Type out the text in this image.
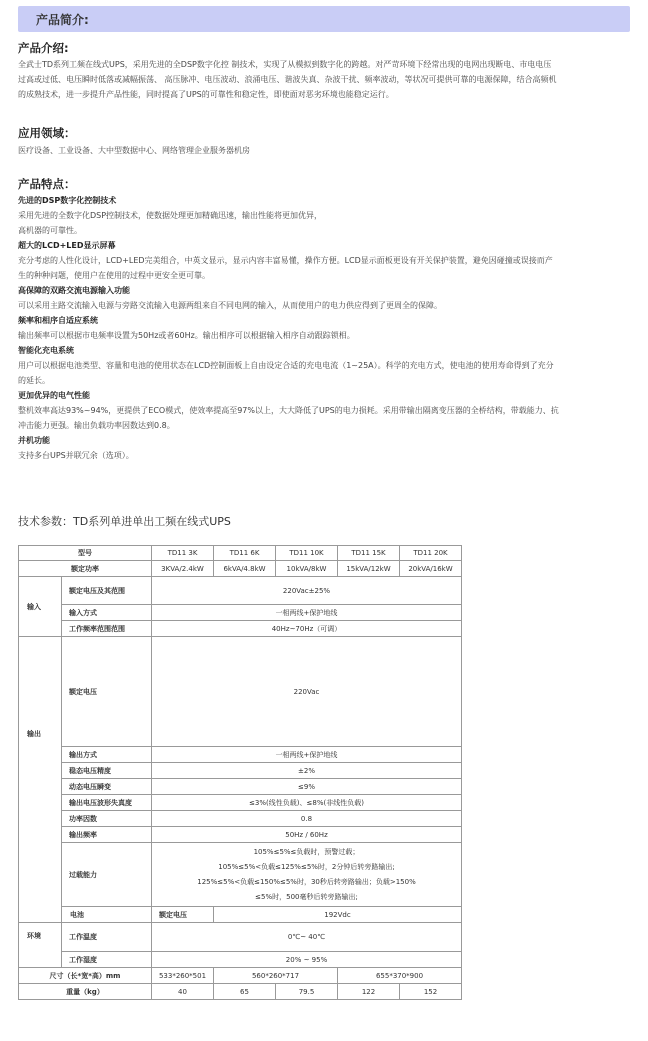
产品简介:
产品介绍:
全武士TD系列工频在线式UPS，采用先进的全DSP数字化控 制技术，实现了从模拟到数字化的跨越。对严苛环境下经常出现的电网出现断电、市电电压
过高或过低、电压瞬时低落或减幅振荡、 高压脉冲、电压波动、浪涌电压、谐波失真、杂波干扰、频率波动，等状况可提供可靠的电源保障，结合高频机
的成熟技术，进一步提升产品性能，同时提高了UPS的可靠性和稳定性，即使面对恶劣环境也能稳定运行。
应用领域：
医疗设备、工业设备、大中型数据中心、网络管理企业服务器机房
产品特点：
先进的DSP数字化控制技术
采用先进的全数字化DSP控制技术，使数据处理更加精确迅速，输出性能将更加优异，
高机器的可靠性。
超大的LCD+LED显示屏幕
充分考虑的人性化设计，LCD+LED完美组合，中英文显示，显示内容丰富易懂，操作方便。LCD显示面板更设有开关保护装置，避免因碰撞或误接而产
生的种种问题，使用户在使用的过程中更安全更可靠。
高保障的双路交流电源输入功能
可以采用主路交流输入电源与旁路交流输入电源两组来自不同电网的输入，从而使用户的电力供应得到了更周全的保障。
频率和相序自适应系统
输出频率可以根据市电频率设置为50Hz或者60Hz。输出相序可以根据输入相序自动跟踪锁相。
智能化充电系统
用户可以根据电池类型、容量和电池的使用状态在LCD控制面板上自由设定合适的充电电流（1~25A）。科学的充电方式，使电池的使用寿命得到了充分
的延长。
更加优异的电气性能
整机效率高达93%~94%，更提供了ECO模式，使效率提高至97%以上，大大降低了UPS的电力损耗。采用带输出隔离变压器的全桥结构，带载能力、抗
冲击能力更强。输出负载功率因数达到0.8。
并机功能
支持多台UPS并联冗余（选项）。
技术参数：TD系列单进单出工频在线式UPS
型号		TD11 3K	TD11 6K	TD11 10K	TD11 15K	TD11 20K
额定功率		3KVA/2.4kW	6kVA/4.8kW	10kVA/8kW	15kVA/12kW	20kVA/16kW
输入	额定电压及其范围	220Vac±25%				
	输入方式	一相两线+保护地线				
	工作频率范围范围	40Hz~70Hz（可调）				
输出	额定电压	220Vac				
	输出方式	一相两线+保护地线				
	稳态电压精度	±2%				
	动态电压瞬变	≤9%				
	输出电压波形失真度	≤3%(线性负载)、≤8%(非线性负载)				
	功率因数	0.8				
	输出频率	50Hz / 60Hz				
	过载能力	105%≤5%≤负载时，预警过载；
105%≤5%<负载≤125%≤5%时，2分钟后转旁路输出;
125%≤5%<负载≤150%≤5%时，30秒后转旁路输出；负载>150%
≤5%时，500毫秒后转旁路输出;				

	电池	额定电压	192Vdc			
环境	工作温度	0℃~ 40℃				
	工作湿度	20% ~ 95%				
尺寸（长*宽*高）mm		533*260*501	560*260*717		655*370*900	
重量（kg）		40	65	79.5	122	152
